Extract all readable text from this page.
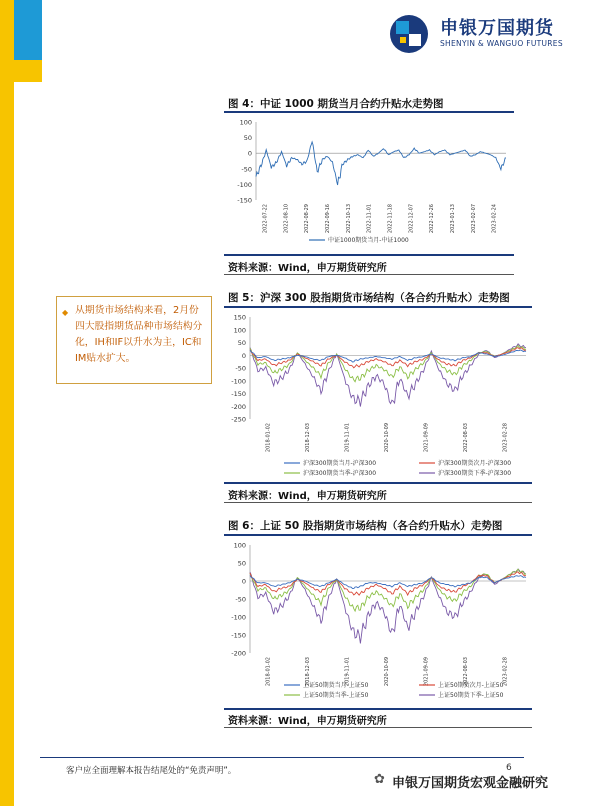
申银万国期货
SHENYIN & WANGUO FUTURES
图 4：中证 1000 期货当月合约升贴水走势图
100
50
0
-50
-100
-150
2022-07-22	2022-08-10	2022-08-29	2022-09-16	2022-10-13	2022-11-01	2022-11-18	2022-12-07	2022-12-26	2023-01-13	2023-02-07	2023-02-24
中证1000期货当月-中证1000
资料来源：Wind，申万期货研究所
◆ 从期货市场结构来看，2月份四大股指期货品种市场结构分化，IH和IF以升水为主，IC和IM贴水扩大。
图 5：沪深 300 股指期货市场结构（各合约升贴水）走势图
150
100
50
0
-50
-100
-150
-200
-250
2018-01-02	2018-12-03	2019-11-01	2020-10-09	2021-09-09	2022-08-03	2023-02-28
沪深300期货当月-沪深300	沪深300期货次月-沪深300
沪深300期货当季-沪深300	沪深300期货下季-沪深300
资料来源：Wind，申万期货研究所
图 6：上证 50 股指期货市场结构（各合约升贴水）走势图
100
50
0
-50
-100
-150
-200
2018-01-02	2018-12-03	2019-11-01	2020-10-09	2021-09-09	2022-08-03	2023-02-28
上证50期货当月-上证50	上证50期货次月-上证50
上证50期货当季-上证50	上证50期货下季-上证50
资料来源：Wind，申万期货研究所
客户应全面理解本报告结尾处的“免责声明”。	6
✿ 申银万国期货宏观金融研究
